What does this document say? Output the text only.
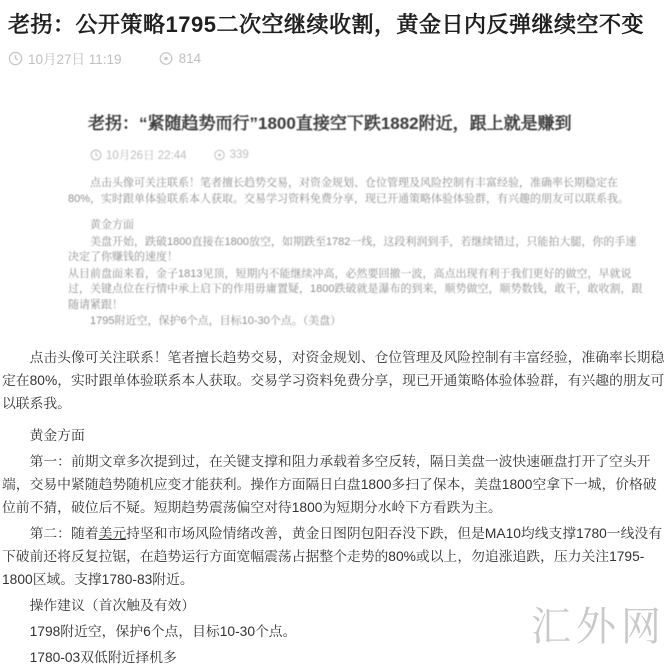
老拐：公开策略1795二次空继续收割，黄金日内反弹继续空不变
10月27日 11:19	814
老拐：“紧随趋势而行”1800直接空下跌1882附近，跟上就是赚到
10月26日 22:44	339

点击头像可关注联系！笔者擅长趋势交易，对资金规划、仓位管理及风险控制有丰富经验，准确率长期稳定在80%，实时跟单体验联系本人获取。交易学习资料免费分享，现已开通策略体验体验群，有兴趣的朋友可以联系我。

黄金方面

美盘开始，跌破1800直接在1800放空，如期跌至1782一线，这段利润到手，若继续错过，只能拍大腿，你的手速决定了你赚钱的速度！

从目前盘面来看，金子1813见顶，短期内不能继续冲高，必然要回撤一波，高点出现有利于我们更好的做空，早就说过，关键点位在行情中承上启下的作用毋庸置疑，1800跌破就是瀑布的到来，顺势做空，顺势数钱，敢干，敢收割，跟随请紧跟！

1795附近空，保护6个点，目标10-30个点。（美盘）

点击头像可关注联系！笔者擅长趋势交易，对资金规划、仓位管理及风险控制有丰富经验，准确率长期稳定在80%，实时跟单体验联系本人获取。交易学习资料免费分享，现已开通策略体验体验群，有兴趣的朋友可以联系我。

黄金方面

第一：前期文章多次提到过，在关键支撑和阻力承载着多空反转，隔日美盘一波快速砸盘打开了空头开端，交易中紧随趋势随机应变才能获利。操作方面隔日白盘1800多扫了保本，美盘1800空拿下一城，价格破位前不猜，破位后不疑。短期趋势震荡偏空对待1800为短期分水岭下方看跌为主。

第二：随着美元持坚和市场风险情绪改善，黄金日图阴包阳吞没下跌，但是MA10均线支撑1780一线没有下破前还将反复拉锯，在趋势运行方面宽幅震荡占据整个走势的80%或以上，勿追涨追跌，压力关注1795-1800区域。支撑1780-83附近。

操作建议（首次触及有效）

1798附近空，保护6个点，目标10-30个点。

1780-03双低附近择机多

汇外网
